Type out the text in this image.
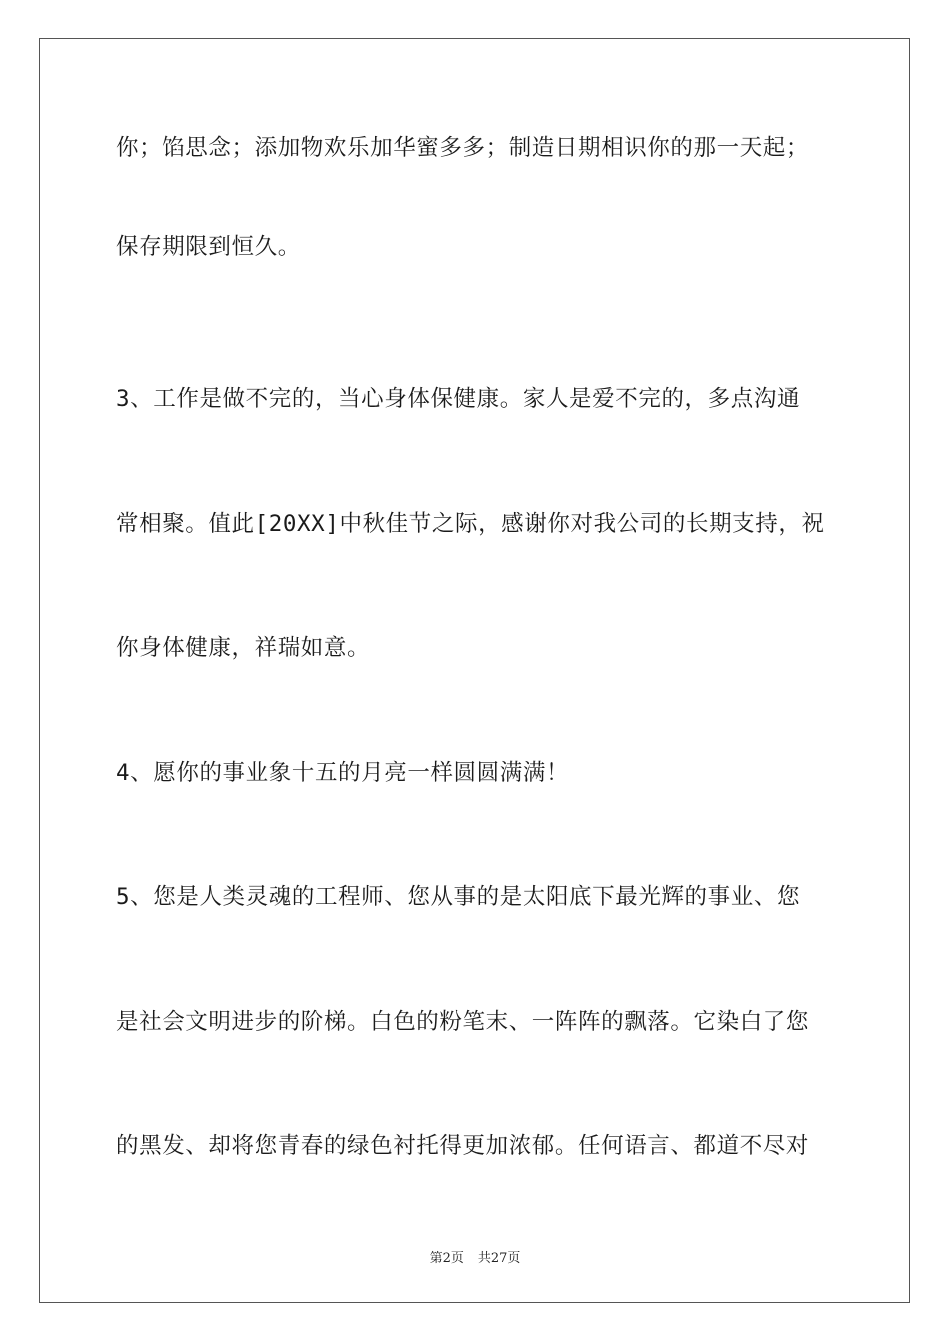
你；馅思念；添加物欢乐加华蜜多多；制造日期相识你的那一天起；
保存期限到恒久。
3、工作是做不完的，当心身体保健康。家人是爱不完的，多点沟通
常相聚。值此[20XX]中秋佳节之际，感谢你对我公司的长期支持，祝
你身体健康，祥瑞如意。
4、愿你的事业象十五的月亮一样圆圆满满！
5、您是人类灵魂的工程师、您从事的是太阳底下最光辉的事业、您
是社会文明进步的阶梯。白色的粉笔末、一阵阵的飘落。它染白了您
的黑发、却将您青春的绿色衬托得更加浓郁。任何语言、都道不尽对
第2页 共27页
